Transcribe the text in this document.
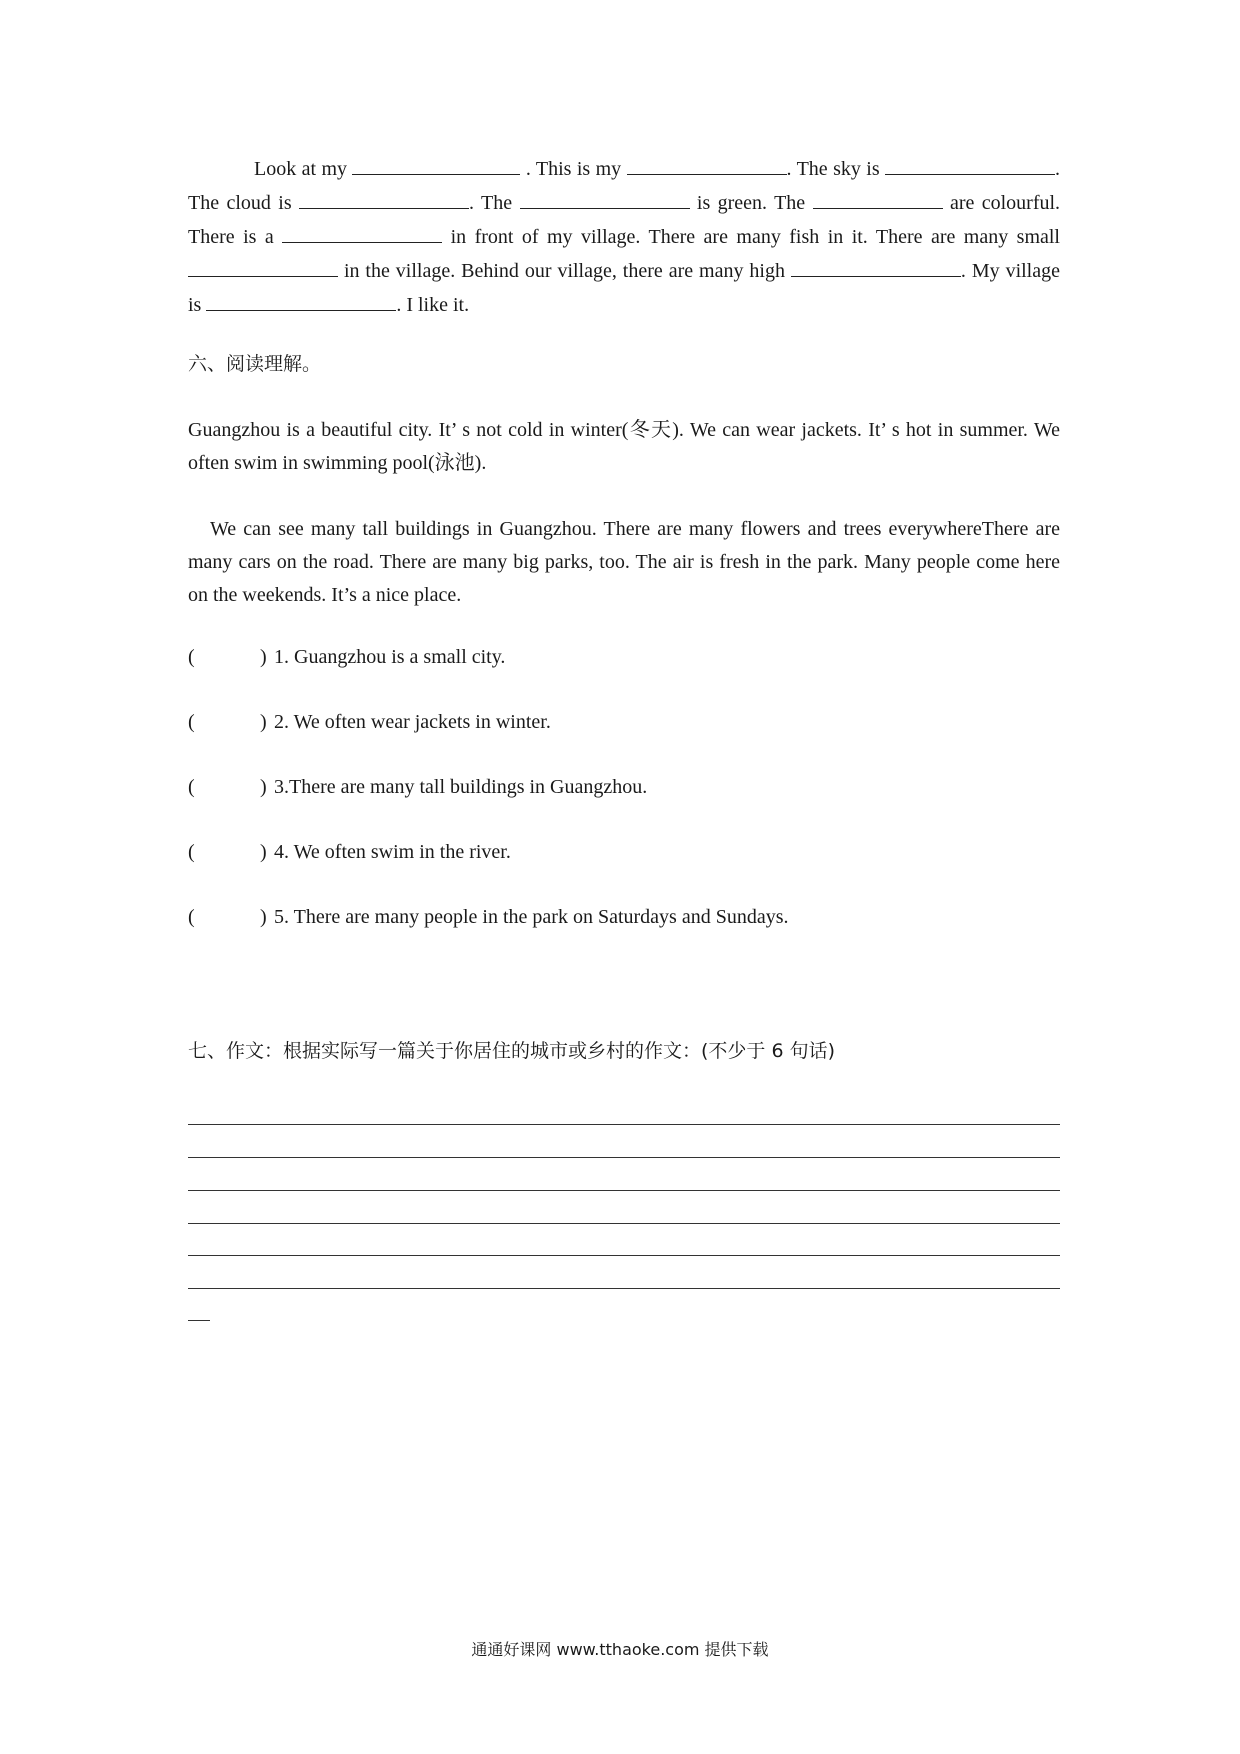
Look at my	. This is my	. The sky is	. The cloud is	. The	is green. The	are colourful. There is a	in front of my village. There are many fish in it. There are many small  in the village. Behind our village, there are many high	. My village is	. I like it.

六、阅读理解。

Guangzhou is a beautiful city. It’ s not cold in winter(冬天). We can wear jackets. It’ s hot in summer. We often swim in swimming pool(泳池).

We can see many tall buildings in Guangzhou. There are many flowers and trees everywhereThere are many cars on the road. There are many big parks, too. The air is fresh in the park. Many people come here on the weekends. It’s a nice place.

(	) 1. Guangzhou is a small city.
(	) 2. We often wear jackets in winter.
(	) 3.There are many tall buildings in Guangzhou.
(	) 4. We often swim in the river.
(	) 5. There are many people in the park on Saturdays and Sundays.

七、作文：根据实际写一篇关于你居住的城市或乡村的作文：(不少于 6 句话)

通通好课网 www.tthaoke.com 提供下载
